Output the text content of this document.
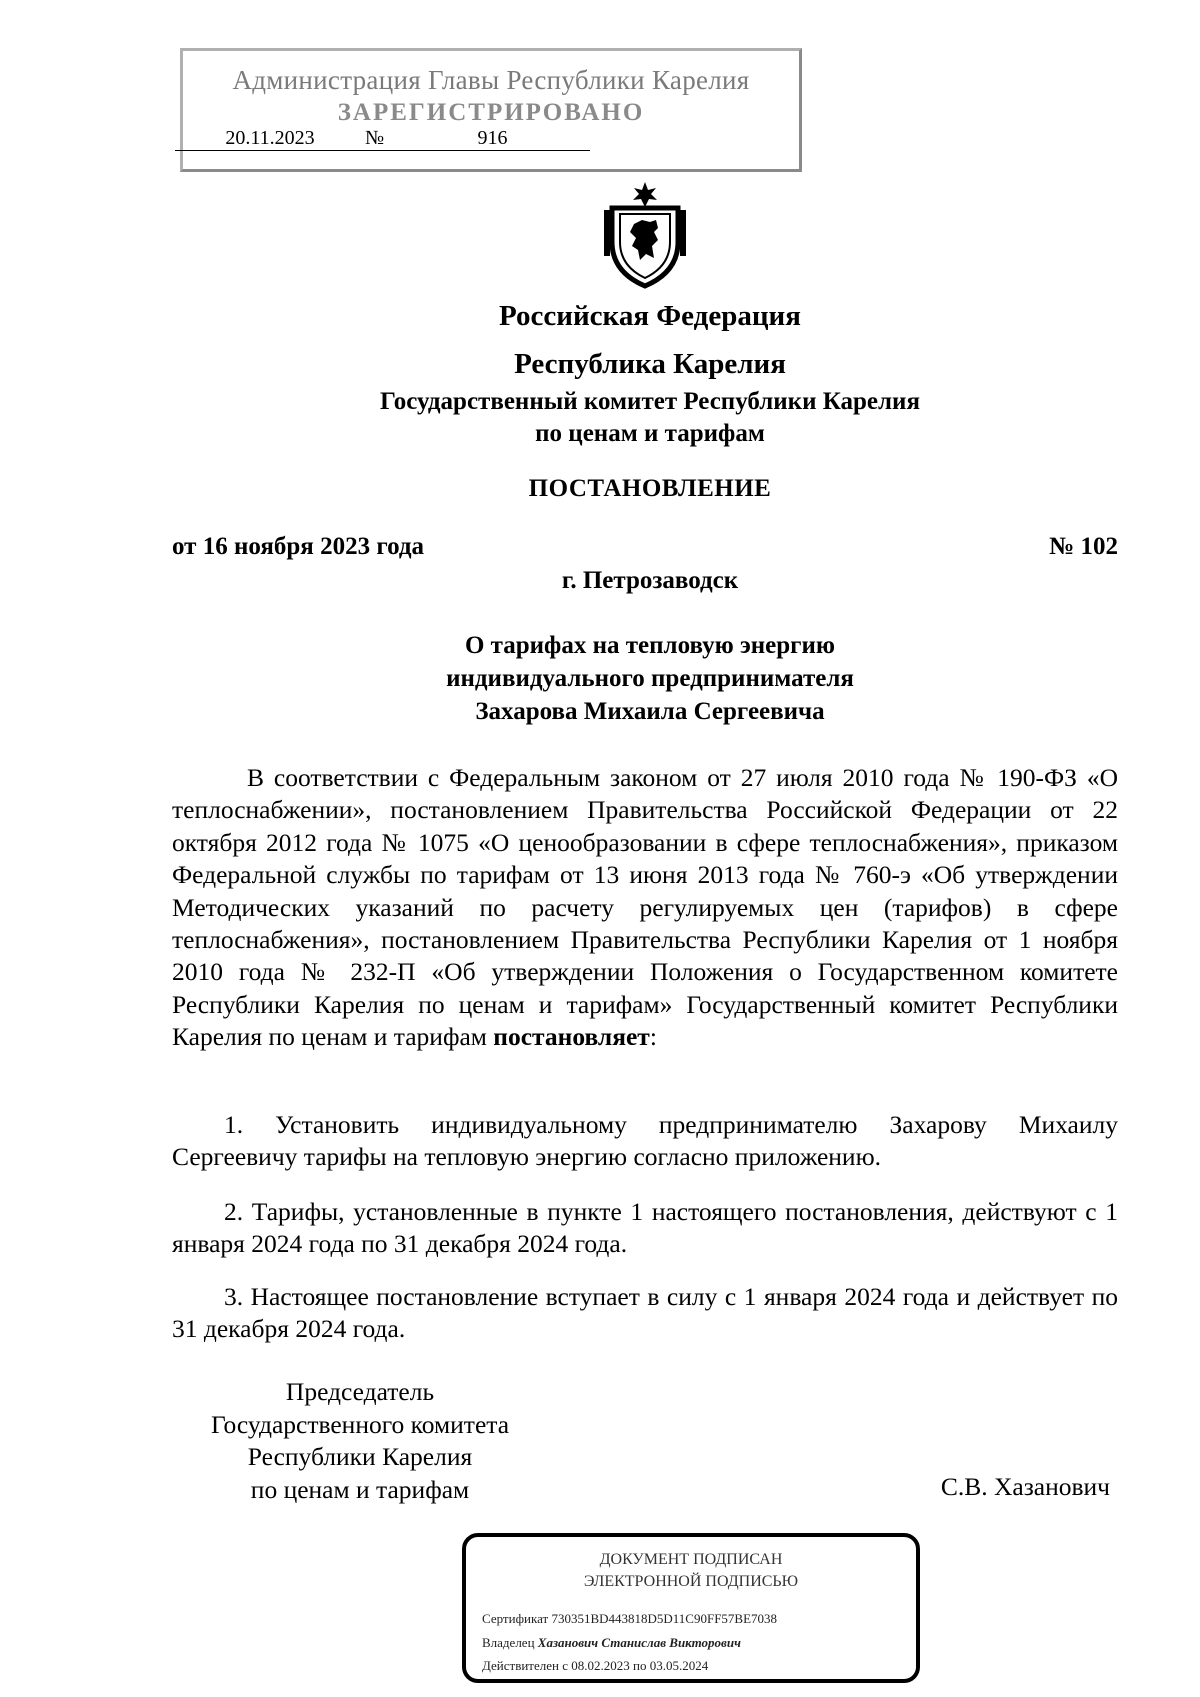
Администрация Главы Республики Карелия
ЗАРЕГИСТРИРОВАНО
20.11.2023	№	916
Российская Федерация
Республика Карелия
Государственный комитет Республики Карелия
по ценам и тарифам
ПОСТАНОВЛЕНИЕ
от 16 ноября 2023 года	№ 102
г. Петрозаводск
О тарифах на тепловую энергию
индивидуального предпринимателя
Захарова Михаила Сергеевича
В соответствии с Федеральным законом от 27 июля 2010 года № 190-ФЗ «О теплоснабжении», постановлением Правительства Российской Федерации от 22 октября 2012 года № 1075 «О ценообразовании в сфере теплоснабжения», приказом Федеральной службы по тарифам от 13 июня 2013 года № 760-э «Об утверждении Методических указаний по расчету регулируемых цен (тарифов) в сфере теплоснабжения», постановлением Правительства Республики Карелия от 1 ноября 2010 года № 232-П «Об утверждении Положения о Государственном комитете Республики Карелия по ценам и тарифам» Государственный комитет Республики Карелия по ценам и тарифам постановляет:
1. Установить индивидуальному предпринимателю Захарову Михаилу Сергеевичу тарифы на тепловую энергию согласно приложению.
2. Тарифы, установленные в пункте 1 настоящего постановления, действуют с 1 января 2024 года по 31 декабря 2024 года.
3. Настоящее постановление вступает в силу с 1 января 2024 года и действует по 31 декабря 2024 года.
Председатель
Государственного комитета
Республики Карелия
по ценам и тарифам	С.В. Хазанович
ДОКУМЕНТ ПОДПИСАН
ЭЛЕКТРОННОЙ ПОДПИСЬЮ
Сертификат 730351BD443818D5D11C90FF57BE7038
Владелец Хазанович Станислав Викторович
Действителен с 08.02.2023 по 03.05.2024
